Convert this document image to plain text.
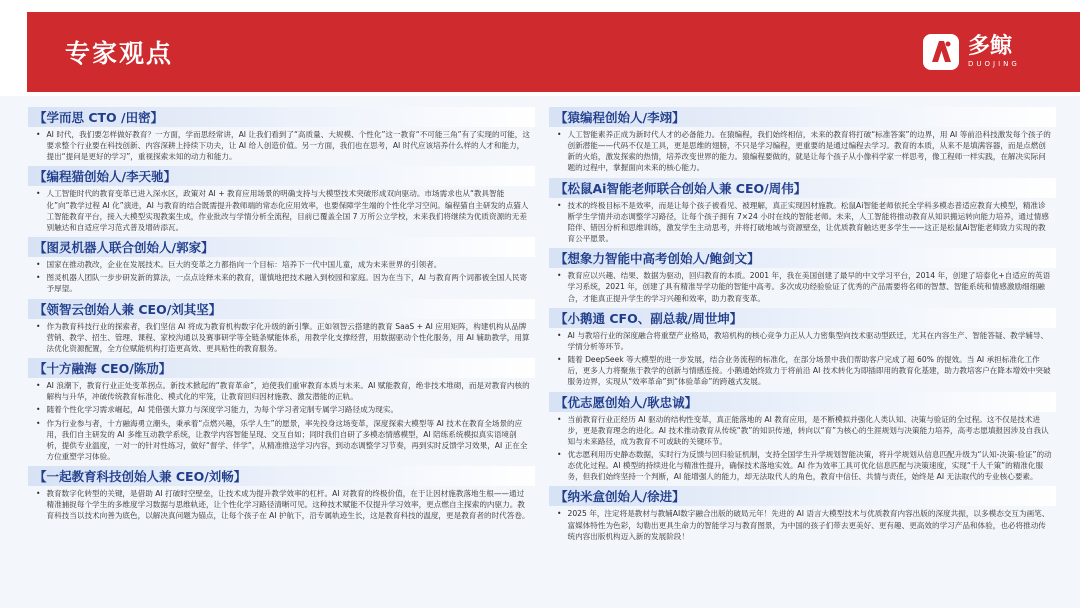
专家观点	多鲸
DUOJING
【学而思 CTO /田密】
• AI 时代，我们要怎样做好教育？一方面，学而思经常讲，AI 让我们看到了“高质量、大规模、个性化”这一教育“不可能三角”有了实现的可能，这要求整个行业要在科技创新、内容深耕上持续下功夫，让 AI 给人创造价值。另一方面，我们也在思考，AI 时代应该培养什么样的人才和能力，提出“提问是更好的学习”，重视探索未知的动力和能力。
【编程猫创始人/李天驰】
• 人工智能时代的教育变革已进入深水区，政策对 AI + 教育应用场景的明确支持与大模型技术突破形成双向驱动。市场需求也从“教具智能化”向“教学过程 AI 化”演进，AI 与教育的结合既需提升教师端的常态化应用效率，也要保障学生端的个性化学习空间。编程猫自主研发的点猫人工智能教育平台，接入大模型实现教案生成，作业批改与学情分析全流程，目前已覆盖全国 7 万所公立学校，未来我们将继续为优质资源的无差别触达和自适应学习范式普及增砖添瓦。
【图灵机器人联合创始人/郭家】
• 国家在推动教改，企业在发展技术。巨大的变革之力都指向一个目标：培养下一代中国儿童，成为未来世界的引领者。
• 图灵机器人团队一步步研发新的算法，一点点诠释未来的教育，谨慎地把技术融入到校园和家庭。因为在当下，AI 与教育两个词都被全国人民寄予厚望。
【领智云创始人兼 CEO/刘其坚】
• 作为教育科技行业的探索者，我们坚信 AI 将成为教育机构数字化升级的新引擎。正如领智云搭建的教育 SaaS + AI 应用矩阵，构建机构从品牌营销、教学、招生、管理、课程、家校沟通以及赛事研学等全链条赋能体系，用教学化支撑经营，用数据驱动个性化服务，用 AI 辅助教学，用算法优化资源配置，全方位赋能机构打造更高效、更具粘性的教育服务。
【十方融海 CEO/陈劢】
• AI 浪潮下，教育行业正处变革拐点。新技术掀起的“教育革命”，迫使我们重审教育本质与未来。AI 赋能教育，绝非技术堆砌，而是对教育内核的解构与升华，冲破传统教育标准化、模式化的牢笼，让教育回归因材施教、激发潜能的正轨。
• 随着个性化学习需求崛起，AI 凭借强大算力与深度学习能力，为每个学习者定制专属学习路径成为现实。
• 作为行业参与者，十方融海勇立潮头，秉承着“点燃兴趣，乐学人生”的愿景，率先投身这场变革，深度探索大模型等 AI 技术在教育全场景的应用，我们自主研发的 AI 多维互动教学系统，让教学内容智能呈现、交互自如；同时我们自研了多模态情感模型，AI 陪练系统模拟真实语境剖析，提供专业温度，一对一的针对性练习，做好“督学、伴学”，从精准推送学习内容，到动态调整学习节奏，再到实时反馈学习效果，AI 正在全方位重塑学习体验。
【一起教育科技创始人兼 CEO/刘畅】
• 教育数字化转型的关键，是借助 AI 打破时空壁垒，让技术成为提升教学效率的杠杆。AI 对教育的终极价值，在于让因材施教落地生根——通过精准捕捉每个学生的多维度学习数据与思维轨迹，让个性化学习路径清晰可见。这种技术赋能不仅提升学习效率，更点燃自主探索的内驱力。教育科技当以技术向善为底色，以解决真问题为锚点，让每个孩子在 AI 护航下，沿专属轨迹生长，这是教育科技的温度，更是教育者的时代答卷。
【猿编程创始人/李翊】
• 人工智能素养正成为新时代人才的必备能力。在猿编程，我们始终相信，未来的教育将打破“标准答案”的边界，用 AI 等前沿科技激发每个孩子的创新潜能——代码不仅是工具，更是思维的翅膀，不只是学习编程，更重要的是通过编程去学习。教育的本质，从来不是填满容器，而是点燃创新的火焰，激发探索的热情，培养改变世界的能力。猿编程要做的，就是让每个孩子从小像科学家一样思考，像工程师一样实践，在解决实际问题的过程中，掌握面向未来的核心能力。
【松鼠Ai智能老师联合创始人兼 CEO/周伟】
• 技术的终极目标不是效率，而是让每个孩子被看见、被理解，真正实现因材施教。松鼠Ai智能老师依托全学科多模态普适应教育大模型，精准诊断学生学情并动态调整学习路径，让每个孩子拥有 7×24 小时在线的智能老师。未来，人工智能将推动教育从知识搬运转向能力培养，通过情感陪伴、错因分析和思维训练，激发学生主动思考，并将打破地域与资源壁垒，让优质教育触达更多学生——这正是松鼠Ai智能老师致力实现的教育公平愿景。
【想象力智能中高考创始人/鲍剑文】
• 教育应以兴趣、结果、数据为驱动，回归教育的本质。2001 年，我在美国创建了最早的中文学习平台，2014 年，创建了培泰化+自适应的英语学习系统，2021 年，创建了具有精准导学功能的智能中高考。多次成功经验验证了优秀的产品需要将名师的智慧、智能系统和情感激励细细融合，才能真正提升学生的学习兴趣和效率，助力教育变革。
【小鹅通 CFO、副总裁/周世坤】
• AI 与教培行业的深度融合将重塑产业格局，教培机构的核心竞争力正从人力密集型向技术驱动型跃迁，尤其在内容生产、智能答疑、教学辅导、学情分析等环节。
• 随着 DeepSeek 等大模型的进一步发展，结合业务流程的标准化，在部分场景中我们帮助客户完成了超 60% 的提效。当 AI 承担标准化工作后，更多人力将聚焦于教学的创新与情感连接。小鹅通始终致力于将前沿 AI 技术转化为即插即用的教育化基建，助力教培客户在降本增效中突破服务边界，实现从“效率革命”到“体验革命”的跨越式发展。
【优志愿创始人/耿忠诚】
• 当前教育行业正经历 AI 驱动的结构性变革，真正能落地的 AI 教育应用，是不断模拟并强化人类认知、决策与验证的全过程。这不仅是技术进步，更是教育理念的进化。AI 技术推动教育从传统“教”的知识传递，转向以“育”为核心的生涯规划与决策能力培养，高考志愿填报因涉及自我认知与未来路径，成为教育不可或缺的关键环节。
• 优志愿利用历史静态数据，实时行为反馈与回归验证机制，支持全国学生升学规划智能决策，将升学规划从信息匹配升级为“认知-决策-验证”的动态优化过程。AI 模型的持续进化与精准性提升，确保技术落地实效。AI 作为效率工具可优化信息匹配与决策速度，实现“千人千策”的精准化服务，但我们始终坚持一个判断，AI 能增强人的能力，却无法取代人的角色，教育中信任、共情与责任，始终是 AI 无法取代的专业核心要素。
【纳米盒创始人/徐进】
• 2025 年，注定将是教材与教辅AI数字融合出版的破局元年！先进的 AI 语言大模型技术与优质教育内容出版的深度共振，以多模态交互为画笔、富媒体特性为色彩，勾勒出更具生命力的智能学习与教育图景，为中国的孩子们带去更美好、更有趣、更高效的学习产品和体验，也必将推动传统内容出版机构迈入新的发展阶段！
